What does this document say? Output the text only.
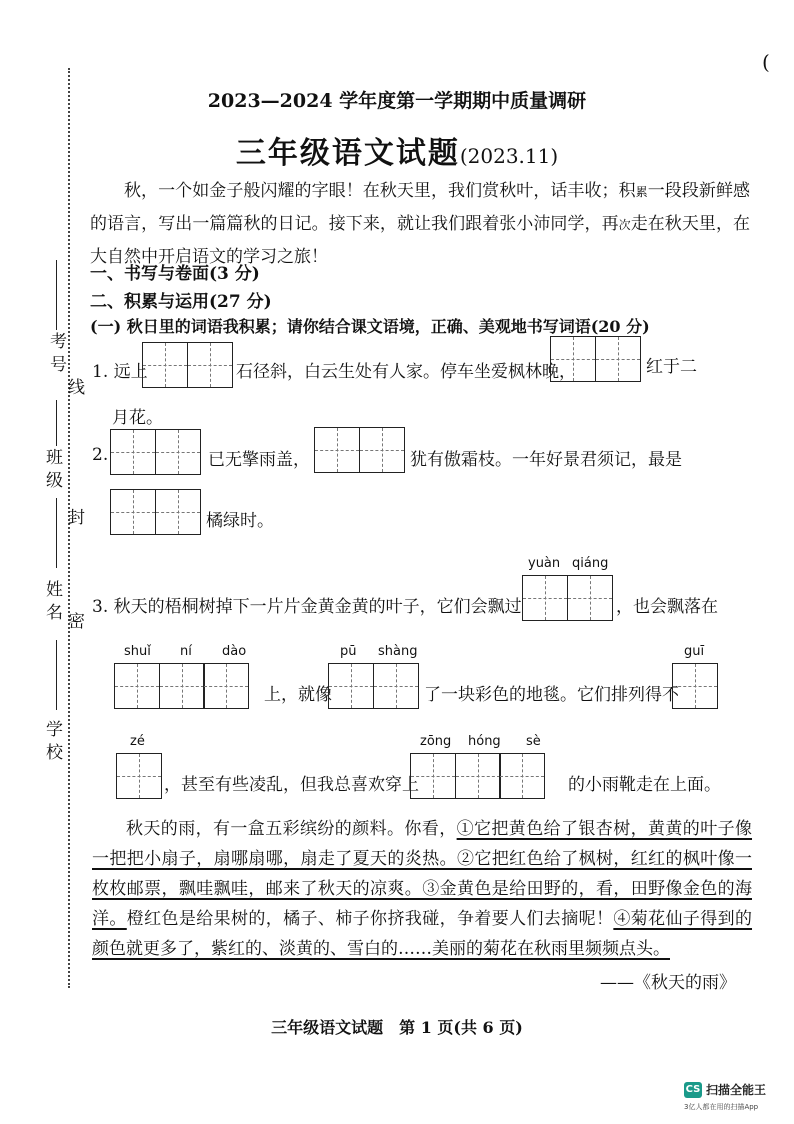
(
考号
线
班级
封
姓名 密
学校
2023—2024 学年度第一学期期中质量调研
三年级语文试题(2023.11)
秋，一个如金子般闪耀的字眼！在秋天里，我们赏秋叶，话丰收；积累一段段新鲜感的语言，写出一篇篇秋的日记。接下来，就让我们跟着张小沛同学，再次走在秋天里，在大自然中开启语文的学习之旅！
一、书写与卷面(3 分)
二、积累与运用(27 分)
(一) 秋日里的词语我积累；请你结合课文语境，正确、美观地书写词语(20 分)
1. 远上	石径斜，白云生处有人家。停车坐爱枫林晚，	红于二
月花。
2.	已无擎雨盖，	犹有傲霜枝。一年好景君须记，最是
橘绿时。
3. 秋天的梧桐树掉下一片片金黄金黄的叶子，它们会飘过
yuàn qiáng
，也会飘落在
shuǐ ní dào
上，就像
pū shàng
了一块彩色的地毯。它们排列得不
guī
zé
，甚至有些凌乱，但我总喜欢穿上
zōng hóng sè
的小雨靴走在上面。
秋天的雨，有一盒五彩缤纷的颜料。你看，①它把黄色给了银杏树，黄黄的叶子像一把把小扇子，扇哪扇哪，扇走了夏天的炎热。②它把红色给了枫树，红红的枫叶像一枚枚邮票，飘哇飘哇，邮来了秋天的凉爽。③金黄色是给田野的，看，田野像金色的海洋。橙红色是给果树的，橘子、柿子你挤我碰，争着要人们去摘呢！④菊花仙子得到的颜色就更多了，紫红的、淡黄的、雪白的……美丽的菊花在秋雨里频频点头。
——《秋天的雨》
三年级语文试题　第 1 页(共 6 页)
CS 扫描全能王
3亿人都在用的扫描App
